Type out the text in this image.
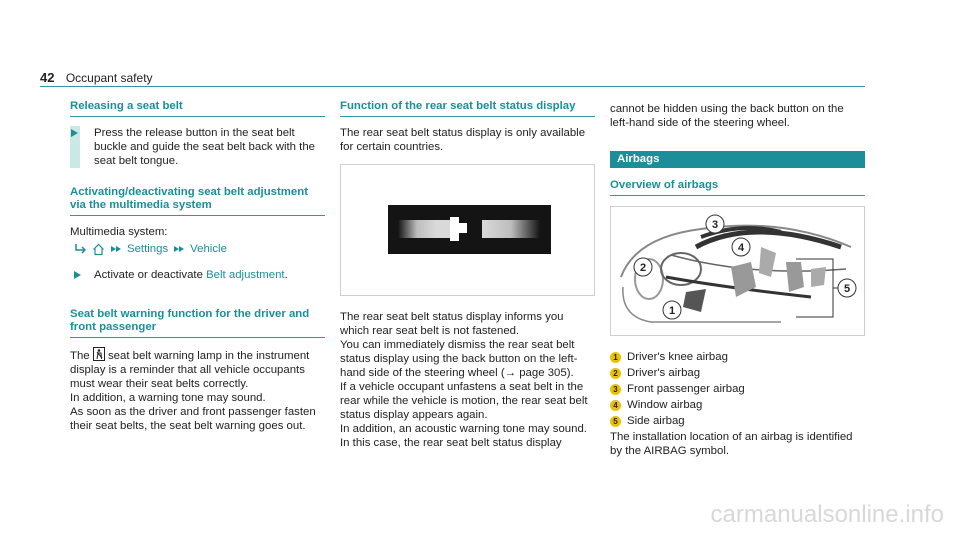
42 Occupant safety
Releasing a seat belt

Press the release button in the seat belt buckle and guide the seat belt back with the seat belt tongue.

Activating/deactivating seat belt adjustment
via the multimedia system

Multimedia system:

Settings Vehicle

Activate or deactivate Belt adjustment.

Seat belt warning function for the driver and
front passenger

The seat belt warning lamp in the instrument display is a reminder that all vehicle occupants must wear their seat belts correctly.

In addition, a warning tone may sound.

As soon as the driver and front passenger fasten their seat belts, the seat belt warning goes out.

Function of the rear seat belt status display

The rear seat belt status display is only available for certain countries.

The rear seat belt status display informs you which rear seat belt is not fastened.

You can immediately dismiss the rear seat belt status display using the back button on the left-hand side of the steering wheel (→ page 305).

If a vehicle occupant unfastens a seat belt in the rear while the vehicle is motion, the rear seat belt status display appears again.

In addition, an acoustic warning tone may sound. In this case, the rear seat belt status display

cannot be hidden using the back button on the left-hand side of the steering wheel.

Airbags
Overview of airbags
1
2
3
4
5
1 Driver's knee airbag
2 Driver's airbag
3 Front passenger airbag
4 Window airbag
5 Side airbag

The installation location of an airbag is identified by the AIRBAG symbol.

carmanualsonline.info
